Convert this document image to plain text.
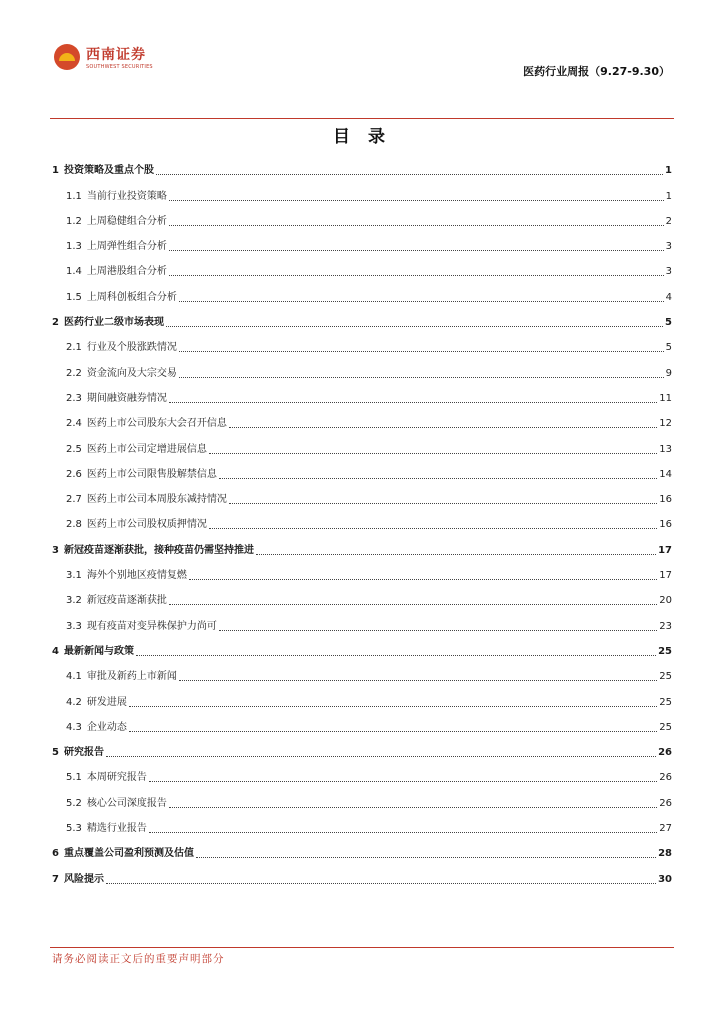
西南证券
SOUTHWEST SECURITIES	医药行业周报（9.27-9.30）
目 录
1 投资策略及重点个股	1
1.1 当前行业投资策略	1
1.2 上周稳健组合分析	2
1.3 上周弹性组合分析	3
1.4 上周港股组合分析	3
1.5 上周科创板组合分析	4
2 医药行业二级市场表现	5
2.1 行业及个股涨跌情况	5
2.2 资金流向及大宗交易	9
2.3 期间融资融券情况	11
2.4 医药上市公司股东大会召开信息	12
2.5 医药上市公司定增进展信息	13
2.6 医药上市公司限售股解禁信息	14
2.7 医药上市公司本周股东减持情况	16
2.8 医药上市公司股权质押情况	16
3 新冠疫苗逐渐获批，接种疫苗仍需坚持推进	17
3.1 海外个别地区疫情复燃	17
3.2 新冠疫苗逐渐获批	20
3.3 现有疫苗对变异株保护力尚可	23
4 最新新闻与政策	25
4.1 审批及新药上市新闻	25
4.2 研发进展	25
4.3 企业动态	25
5 研究报告	26
5.1 本周研究报告	26
5.2 核心公司深度报告	26
5.3 精选行业报告	27
6 重点覆盖公司盈利预测及估值	28
7 风险提示	30
请务必阅读正文后的重要声明部分
